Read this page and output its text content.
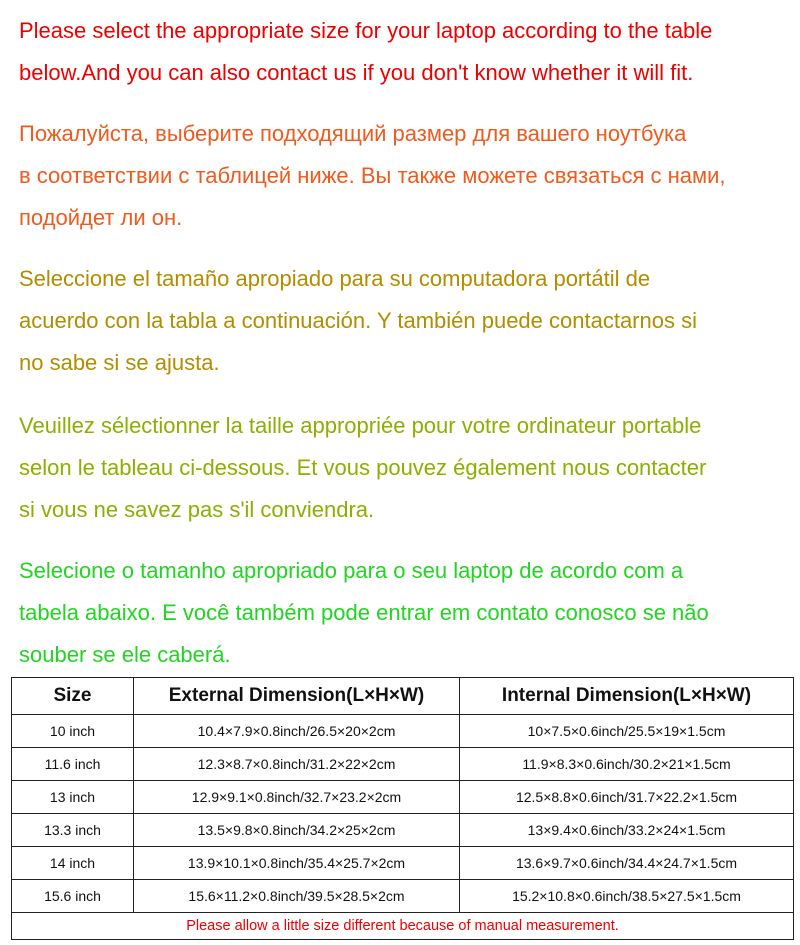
Please select the appropriate size for your laptop according to the table
below.And you can also contact us if you don't know whether it will fit.
Пожалуйста, выберите подходящий размер для вашего ноутбука
в соответствии с таблицей ниже. Вы также можете связаться с нами,
подойдет ли он.
Seleccione el tamaño apropiado para su computadora portátil de
acuerdo con la tabla a continuación. Y también puede contactarnos si
no sabe si se ajusta.
Veuillez sélectionner la taille appropriée pour votre ordinateur portable
selon le tableau ci-dessous. Et vous pouvez également nous contacter
si vous ne savez pas s'il conviendra.
Selecione o tamanho apropriado para o seu laptop de acordo com a
tabela abaixo. E você também pode entrar em contato conosco se não
souber se ele caberá.
Size	External Dimension(L×H×W)	Internal Dimension(L×H×W)
10 inch	10.4×7.9×0.8inch/26.5×20×2cm	10×7.5×0.6inch/25.5×19×1.5cm
11.6 inch	12.3×8.7×0.8inch/31.2×22×2cm	11.9×8.3×0.6inch/30.2×21×1.5cm
13 inch	12.9×9.1×0.8inch/32.7×23.2×2cm	12.5×8.8×0.6inch/31.7×22.2×1.5cm
13.3 inch	13.5×9.8×0.8inch/34.2×25×2cm	13×9.4×0.6inch/33.2×24×1.5cm
14 inch	13.9×10.1×0.8inch/35.4×25.7×2cm	13.6×9.7×0.6inch/34.4×24.7×1.5cm
15.6 inch	15.6×11.2×0.8inch/39.5×28.5×2cm	15.2×10.8×0.6inch/38.5×27.5×1.5cm
Please allow a little size different because of manual measurement.		
